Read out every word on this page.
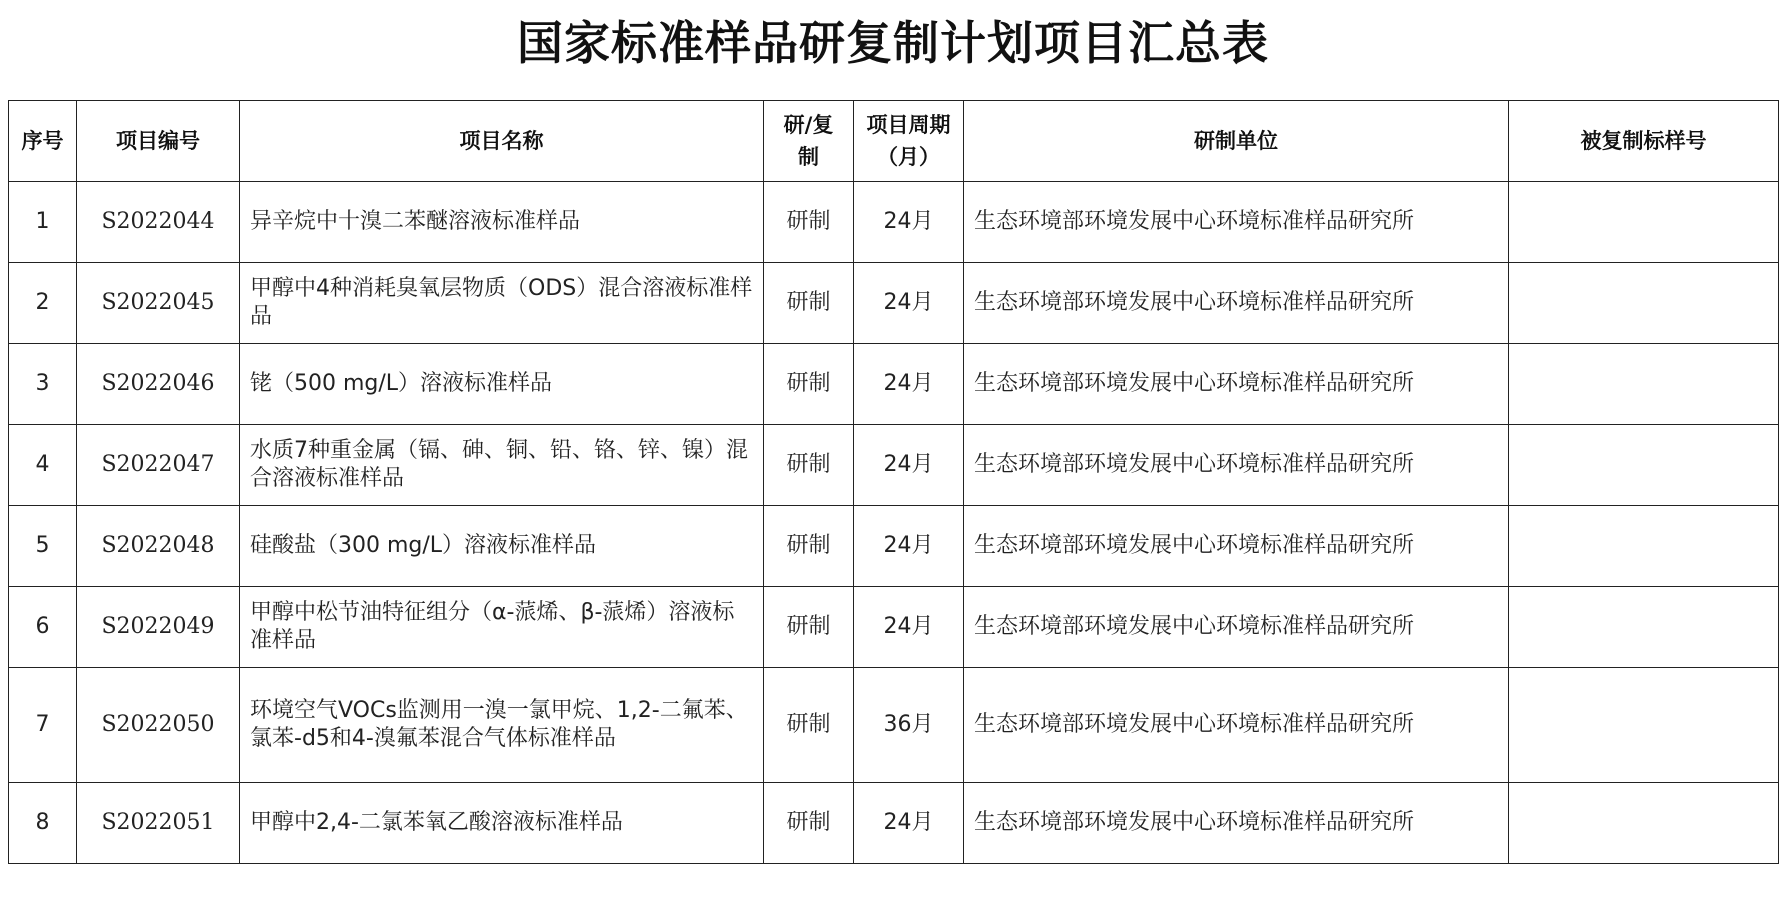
国家标准样品研复制计划项目汇总表
序号	项目编号	项目名称	研/复制	项目周期（月）	研制单位	被复制标样号
1	S2022044	异辛烷中十溴二苯醚溶液标准样品	研制	24月	生态环境部环境发展中心环境标准样品研究所	
2	S2022045	甲醇中4种消耗臭氧层物质（ODS）混合溶液标准样品	研制	24月	生态环境部环境发展中心环境标准样品研究所	
3	S2022046	铑（500 mg/L）溶液标准样品	研制	24月	生态环境部环境发展中心环境标准样品研究所	
4	S2022047	水质7种重金属（镉、砷、铜、铅、铬、锌、镍）混合溶液标准样品	研制	24月	生态环境部环境发展中心环境标准样品研究所	
5	S2022048	硅酸盐（300 mg/L）溶液标准样品	研制	24月	生态环境部环境发展中心环境标准样品研究所	
6	S2022049	甲醇中松节油特征组分（α-蒎烯、β-蒎烯）溶液标准样品	研制	24月	生态环境部环境发展中心环境标准样品研究所	
7	S2022050	环境空气VOCs监测用一溴一氯甲烷、1,2-二氟苯、氯苯-d5和4-溴氟苯混合气体标准样品	研制	36月	生态环境部环境发展中心环境标准样品研究所	
8	S2022051	甲醇中2,4-二氯苯氧乙酸溶液标准样品	研制	24月	生态环境部环境发展中心环境标准样品研究所	
